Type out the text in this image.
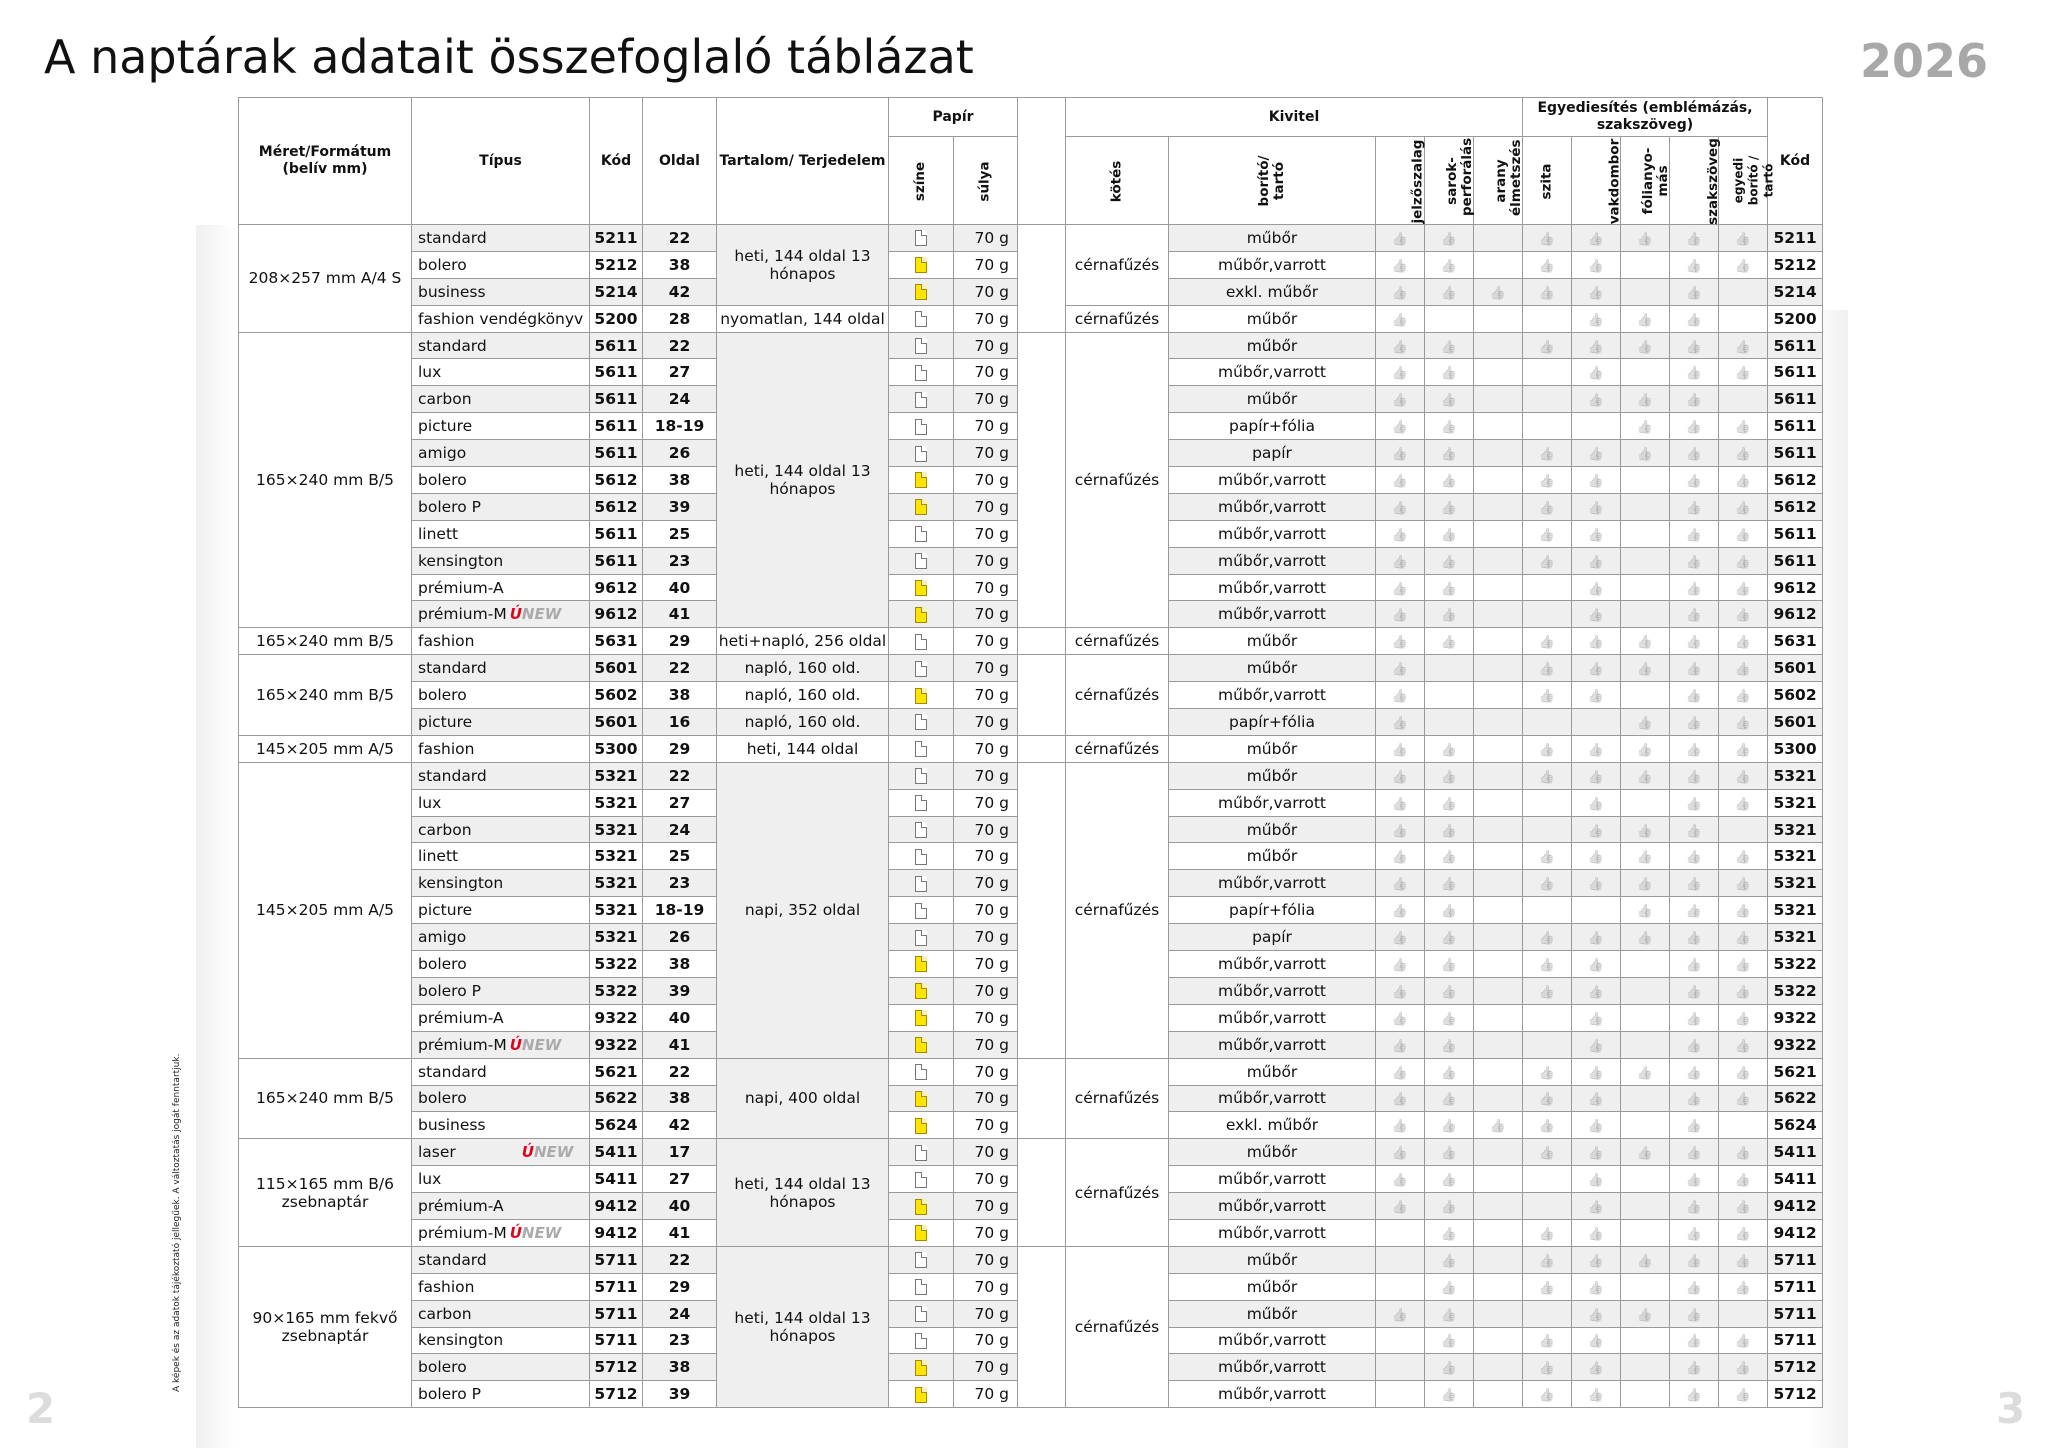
A naptárak adatait összefoglaló táblázat	2026
A képek és az adatok tájékoztató jellegűek. A változtatás jogát fenntartjuk.
2	3
Méret/Formátum (belív mm)	Típus	Kód	Oldal	Tartalom/ Terjedelem	Papír			Kivitel					Egyediesítés (emblémázás, szakszöveg)					Kód
					színe	súlya		kötés	borító/ tartó	jelzőszalag	sarok- perforálás	arany élmetszés	szita	vakdombor	fólianyo- más	szakszöveg	egyedi borító / tartó	
208×257 mm A/4 S	standard	5211	22	heti, 144 oldal 13 hónapos		70 g		cérnafűzés	műbőr	👍	👍		👍	👍	👍	👍	👍	5211
	bolero	5212	38			70 g			műbőr,varrott	👍	👍		👍	👍		👍	👍	5212
	business	5214	42			70 g			exkl. műbőr	👍	👍	👍	👍	👍		👍		5214
	fashion vendégkönyv	5200	28	nyomatlan, 144 oldal		70 g		cérnafűzés	műbőr	👍				👍	👍	👍		5200
165×240 mm B/5	standard	5611	22	heti, 144 oldal 13 hónapos		70 g		cérnafűzés	műbőr	👍	👍		👍	👍	👍	👍	👍	5611
	lux	5611	27			70 g			műbőr,varrott	👍	👍			👍		👍	👍	5611
	carbon	5611	24			70 g			műbőr	👍	👍			👍	👍	👍		5611
	picture	5611	18-19			70 g			papír+fólia	👍	👍				👍	👍	👍	5611
	amigo	5611	26			70 g			papír	👍	👍		👍	👍	👍	👍	👍	5611
	bolero	5612	38			70 g			műbőr,varrott	👍	👍		👍	👍		👍	👍	5612
	bolero P	5612	39			70 g			műbőr,varrott	👍	👍		👍	👍		👍	👍	5612
	linett	5611	25			70 g			műbőr,varrott	👍	👍		👍	👍		👍	👍	5611
	kensington	5611	23			70 g			műbőr,varrott	👍	👍		👍	👍		👍	👍	5611
	prémium-A	9612	40			70 g			műbőr,varrott	👍	👍			👍		👍	👍	9612
	prémium-M ÚNEW	9612	41			70 g			műbőr,varrott	👍	👍			👍		👍	👍	9612
165×240 mm B/5	fashion	5631	29	heti+napló, 256 oldal		70 g		cérnafűzés	műbőr	👍	👍		👍	👍	👍	👍	👍	5631
165×240 mm B/5	standard	5601	22	napló, 160 old.		70 g		cérnafűzés	műbőr	👍			👍	👍	👍	👍	👍	5601
	bolero	5602	38	napló, 160 old.		70 g			műbőr,varrott	👍			👍	👍		👍	👍	5602
	picture	5601	16	napló, 160 old.		70 g			papír+fólia	👍					👍	👍	👍	5601
145×205 mm A/5	fashion	5300	29	heti, 144 oldal		70 g		cérnafűzés	műbőr	👍	👍		👍	👍	👍	👍	👍	5300
145×205 mm A/5	standard	5321	22	napi, 352 oldal		70 g		cérnafűzés	műbőr	👍	👍		👍	👍	👍	👍	👍	5321
	lux	5321	27			70 g			műbőr,varrott	👍	👍			👍		👍	👍	5321
	carbon	5321	24			70 g			műbőr	👍	👍			👍	👍	👍		5321
	linett	5321	25			70 g			műbőr	👍	👍		👍	👍	👍	👍	👍	5321
	kensington	5321	23			70 g			műbőr,varrott	👍	👍		👍	👍	👍	👍	👍	5321
	picture	5321	18-19			70 g			papír+fólia	👍	👍				👍	👍	👍	5321
	amigo	5321	26			70 g			papír	👍	👍		👍	👍	👍	👍	👍	5321
	bolero	5322	38			70 g			műbőr,varrott	👍	👍		👍	👍		👍	👍	5322
	bolero P	5322	39			70 g			műbőr,varrott	👍	👍		👍	👍		👍	👍	5322
	prémium-A	9322	40			70 g			műbőr,varrott	👍	👍			👍		👍	👍	9322
	prémium-M ÚNEW	9322	41			70 g			műbőr,varrott	👍	👍			👍		👍	👍	9322
165×240 mm B/5	standard	5621	22	napi, 400 oldal		70 g		cérnafűzés	műbőr	👍	👍		👍	👍	👍	👍	👍	5621
	bolero	5622	38			70 g			műbőr,varrott	👍	👍		👍	👍		👍	👍	5622
	business	5624	42			70 g			exkl. műbőr	👍	👍	👍	👍	👍		👍		5624
115×165 mm B/6 zsebnaptár	laser ÚNEW	5411	17	heti, 144 oldal 13 hónapos		70 g		cérnafűzés	műbőr	👍	👍		👍	👍	👍	👍	👍	5411
	lux	5411	27			70 g			műbőr,varrott	👍	👍			👍		👍	👍	5411
	prémium-A	9412	40			70 g			műbőr,varrott	👍	👍			👍		👍	👍	9412
	prémium-M ÚNEW	9412	41			70 g			műbőr,varrott		👍		👍	👍		👍	👍	9412
90×165 mm fekvő zsebnaptár	standard	5711	22	heti, 144 oldal 13 hónapos		70 g		cérnafűzés	műbőr		👍		👍	👍	👍	👍	👍	5711
	fashion	5711	29			70 g			műbőr		👍		👍	👍		👍	👍	5711
	carbon	5711	24			70 g			műbőr	👍	👍			👍	👍	👍		5711
	kensington	5711	23			70 g			műbőr,varrott		👍		👍	👍		👍	👍	5711
	bolero	5712	38			70 g			műbőr,varrott		👍		👍	👍		👍	👍	5712
	bolero P	5712	39			70 g			műbőr,varrott		👍		👍	👍		👍	👍	5712
